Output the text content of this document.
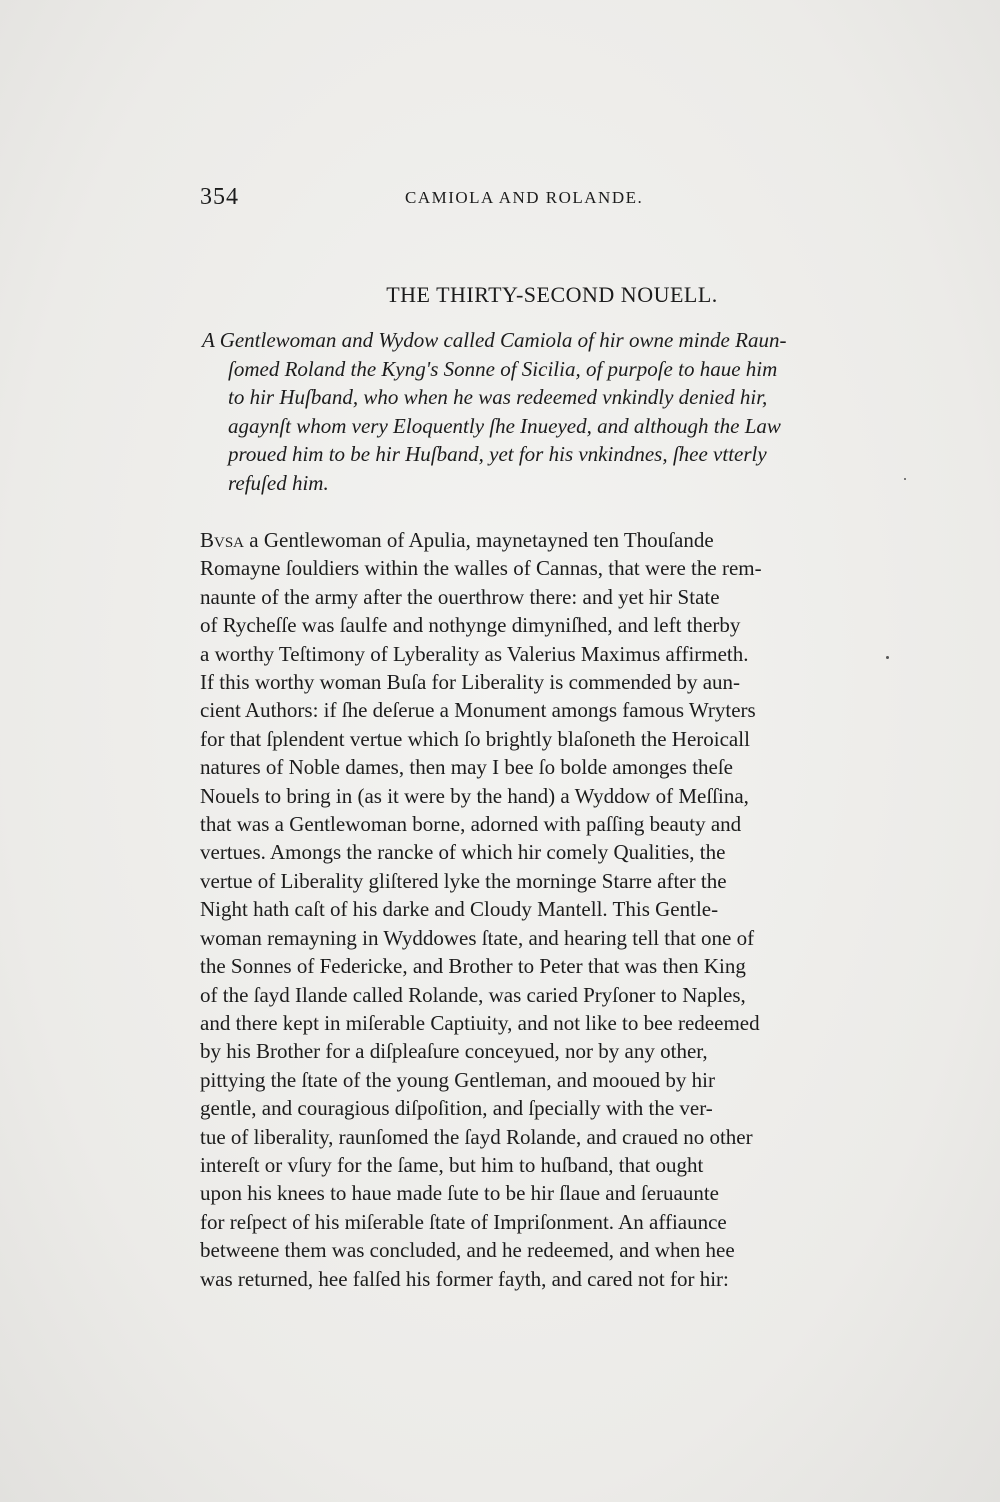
354	CAMIOLA AND ROLANDE.
THE THIRTY-SECOND NOUELL.
A Gentlewoman and Wydow called Camiola of hir owne minde Raun-
ſomed Roland the Kyng's Sonne of Sicilia, of purpoſe to haue him
to hir Huſband, who when he was redeemed vnkindly denied hir,
agaynſt whom very Eloquently ſhe Inueyed, and although the Law
proued him to be hir Huſband, yet for his vnkindnes, ſhee vtterly
refuſed him.
Bvsa a Gentlewoman of Apulia, maynetayned ten Thouſande
Romayne ſouldiers within the walles of Cannas, that were the rem-
naunte of the army after the ouerthrow there: and yet hir State
of Rycheſſe was ſaulfe and nothynge dimyniſhed, and left therby
a worthy Teſtimony of Lyberality as Valerius Maximus affirmeth.
If this worthy woman Buſa for Liberality is commended by aun-
cient Authors: if ſhe deſerue a Monument amongs famous Wryters
for that ſplendent vertue which ſo brightly blaſoneth the Heroicall
natures of Noble dames, then may I bee ſo bolde amonges theſe
Nouels to bring in (as it were by the hand) a Wyddow of Meſſina,
that was a Gentlewoman borne, adorned with paſſing beauty and
vertues. Amongs the rancke of which hir comely Qualities, the
vertue of Liberality gliſtered lyke the morninge Starre after the
Night hath caſt of his darke and Cloudy Mantell. This Gentle-
woman remayning in Wyddowes ſtate, and hearing tell that one of
the Sonnes of Federicke, and Brother to Peter that was then King
of the ſayd Ilande called Rolande, was caried Pryſoner to Naples,
and there kept in miſerable Captiuity, and not like to bee redeemed
by his Brother for a diſpleaſure conceyued, nor by any other,
pittying the ſtate of the young Gentleman, and mooued by hir
gentle, and couragious diſpoſition, and ſpecially with the ver-
tue of liberality, raunſomed the ſayd Rolande, and craued no other
intereſt or vſury for the ſame, but him to huſband, that ought
upon his knees to haue made ſute to be hir ſlaue and ſeruaunte
for reſpect of his miſerable ſtate of Impriſonment. An affiaunce
betweene them was concluded, and he redeemed, and when hee
was returned, hee falſed his former fayth, and cared not for hir:
